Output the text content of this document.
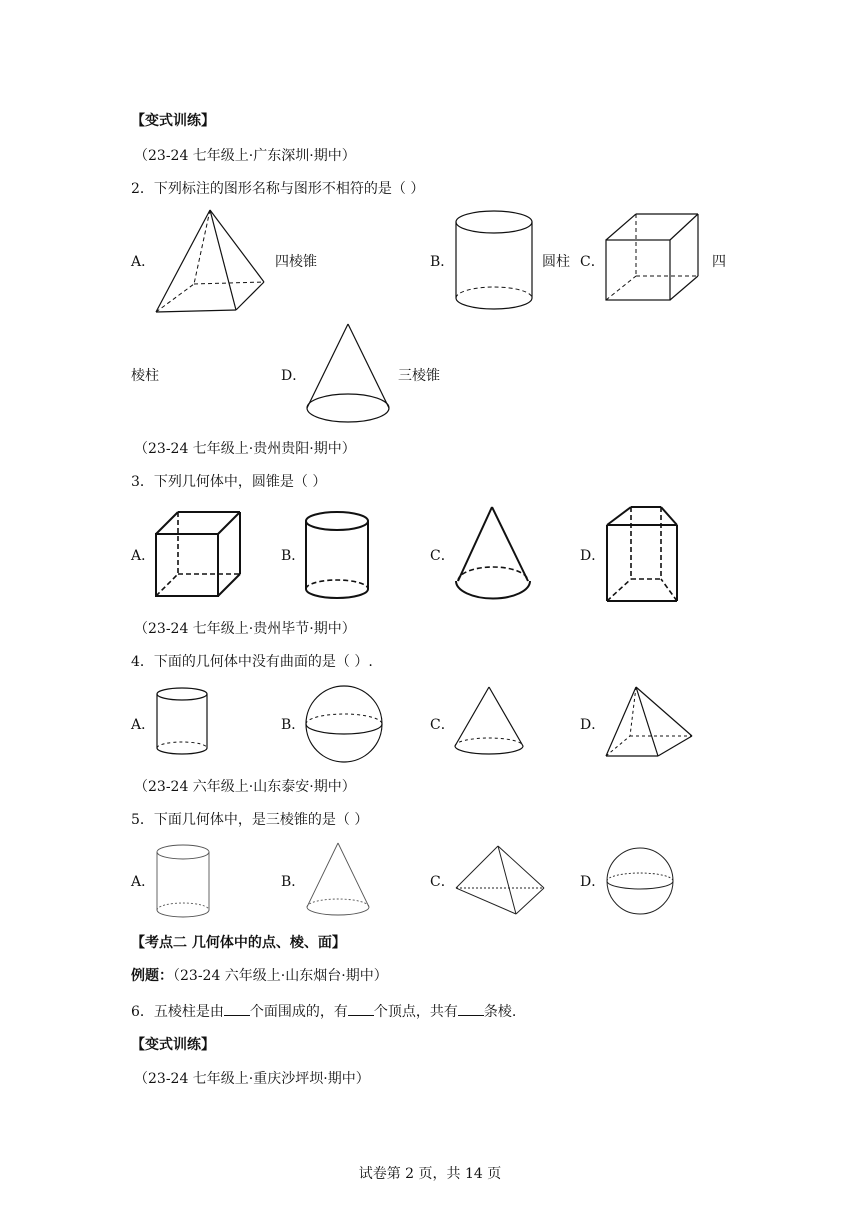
【变式训练】
（23-24 七年级上·广东深圳·期中）
2．下列标注的图形名称与图形不相符的是（ ）
A．	四棱锥	B．	圆柱 C．	四
棱柱	D．	三棱锥
（23-24 七年级上·贵州贵阳·期中）
3．下列几何体中，圆锥是（ ）
A．	B．	C．	D．
（23-24 七年级上·贵州毕节·期中）
4．下面的几何体中没有曲面的是（ ）.
A．	B．	C．	D．
（23-24 六年级上·山东泰安·期中）
5．下面几何体中，是三棱锥的是（ ）
A．	B．	C．	D．
【考点二 几何体中的点、棱、面】
例题：（23-24 六年级上·山东烟台·期中）
6．五棱柱是由 个面围成的，有 个顶点，共有 条棱.
【变式训练】
（23-24 七年级上·重庆沙坪坝·期中）
试卷第 2 页，共 14 页
